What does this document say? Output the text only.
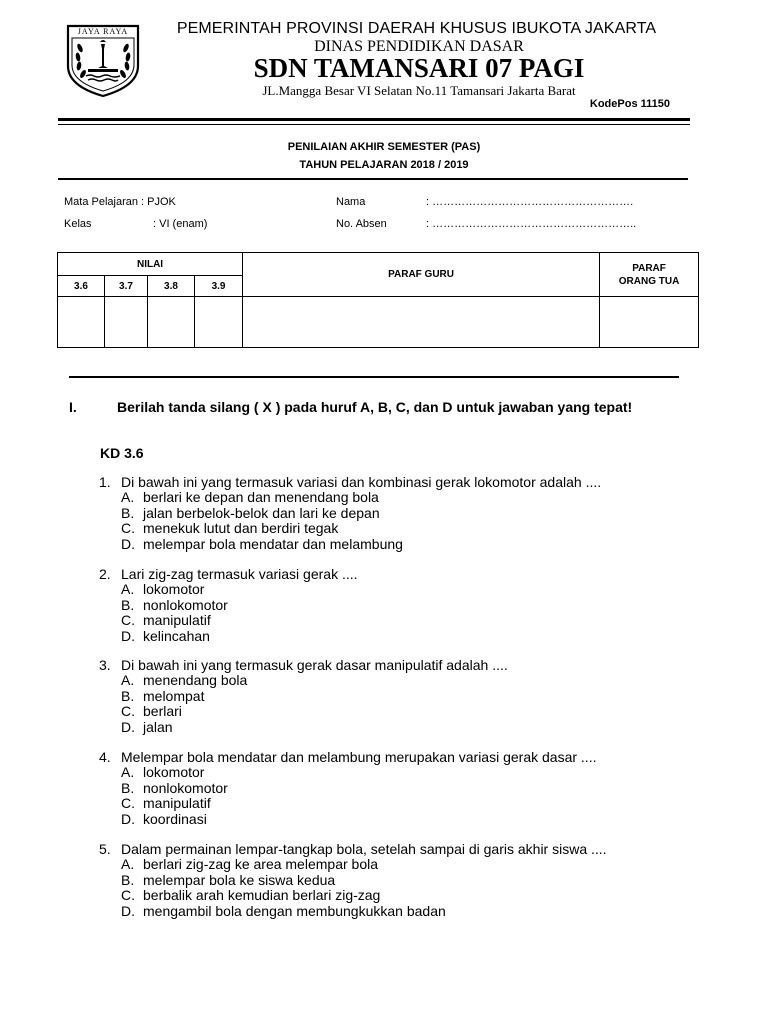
JAYA RAYA	PEMERINTAH PROVINSI DAERAH KHUSUS IBUKOTA JAKARTA
DINAS PENDIDIKAN DASAR
SDN TAMANSARI 07 PAGI
JL.Mangga Besar VI Selatan No.11 Tamansari Jakarta Barat
KodePos 11150
PENILAIAN AKHIR SEMESTER (PAS)
TAHUN PELAJARAN 2018 / 2019
Mata Pelajaran : PJOK
Kelas	: VI (enam)
Nama	: ……………………………………………….
No. Absen	: ………………………………………………..
NILAI				PARAF GURU	PARAF
ORANG TUA
3.6	3.7	3.8	3.9		

I.	Berilah tanda silang ( X ) pada huruf A, B, C, dan D untuk jawaban yang tepat!
KD 3.6
1. Di bawah ini yang termasuk variasi dan kombinasi gerak lokomotor adalah ....
A. berlari ke depan dan menendang bola
B. jalan berbelok-belok dan lari ke depan
C. menekuk lutut dan berdiri tegak
D. melempar bola mendatar dan melambung
2. Lari zig-zag termasuk variasi gerak ....
A. lokomotor
B. nonlokomotor
C. manipulatif
D. kelincahan
3. Di bawah ini yang termasuk gerak dasar manipulatif adalah ....
A. menendang bola
B. melompat
C. berlari
D. jalan
4. Melempar bola mendatar dan melambung merupakan variasi gerak dasar ....
A. lokomotor
B. nonlokomotor
C. manipulatif
D. koordinasi
5. Dalam permainan lempar-tangkap bola, setelah sampai di garis akhir siswa ....
A. berlari zig-zag ke area melempar bola
B. melempar bola ke siswa kedua
C. berbalik arah kemudian berlari zig-zag
D. mengambil bola dengan membungkukkan badan
